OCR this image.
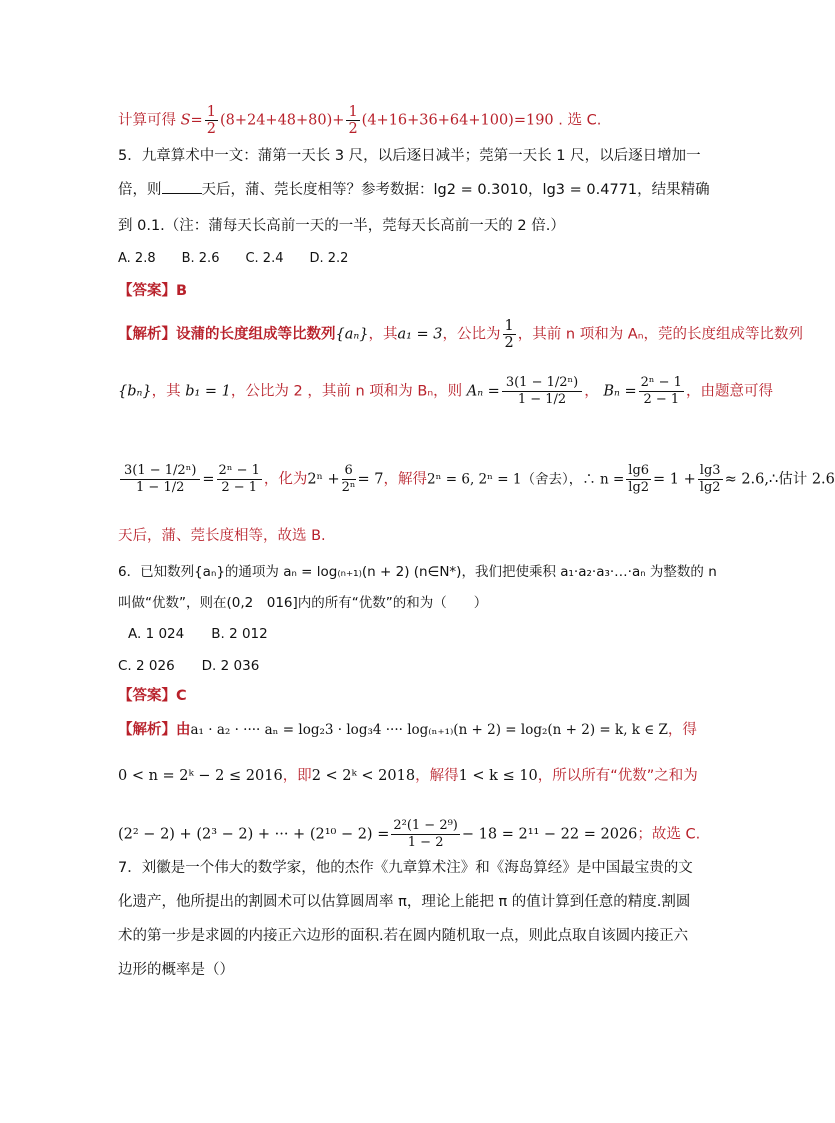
计算可得 $S= \frac{1}{2} (8+24+48+80)+ \frac{1}{2} (4+16+36+64+100)=190$ . 选 C.
5．九章算术中一文：蒲第一天长 3 尺，以后逐日减半；莞第一天长 1 尺，以后逐日增加一
倍，则	天后，蒲、莞长度相等？参考数据：lg2 = 0.3010，lg3 = 0.4771，结果精确
到 0.1.（注：蒲每天长高前一天的一半，莞每天长高前一天的 2 倍.）
A. 2.8　　B. 2.6　　C. 2.4　　D. 2.2
【答案】B
【解析】设蒲的长度组成等比数列{aₙ}，其a₁ = 3，公比为 $\frac{1}{2}$ ，其前 n 项和为 Aₙ，莞的长度组成等比数列
{bₙ}，其 b₁ = 1，公比为 2 ，其前 n 项和为 Bₙ，则 $A_n = \frac{\text{3(1 − 1/2ⁿ)}}{1 - 1/2}$ ， $B_n = \frac{\text{2ⁿ − 1}}{2 - 1}$ ，由题意可得
$\frac{\text{3(1 − 1/2ⁿ)}}{1 - 1/2} = \frac{\text{2ⁿ − 1}}{2 - 1}$ ，化为$2^n + \frac{6}{\text{2ⁿ}} = 7$，解得2ⁿ = 6, 2ⁿ = 1（舍去），∴ $n = \frac{\lg 6}{\lg 2} = 1 + \frac{\lg 3}{\lg 2}$ ≈ 2.6,∴估计 2.6
天后，蒲、莞长度相等，故选 B.
6．已知数列{aₙ}的通项为 aₙ = log₍ₙ₊₁₎(n + 2) (n∈N*)，我们把使乘积 a₁·a₂·a₃·…·aₙ 为整数的 n
叫做“优数”，则在(0,2　016]内的所有“优数”的和为（　　）
A. 1 024　　B. 2 012
C. 2 026　　D. 2 036
【答案】C
【解析】由a₁ · a₂ · ···· aₙ = log₂3 · log₃4 ···· log₍ₙ₊₁₎(n + 2) = log₂(n + 2) = k, k ∈ Z，得
0 < n = 2ᵏ − 2 ≤ 2016，即2 < 2ᵏ < 2018，解得1 < k ≤ 10，所以所有“优数”之和为
(2² − 2) + (2³ − 2) + ··· + $(2^{10} - 2) = \frac{\text{2²(1 − 2⁹)}}{1 - 2} - 18 = 2^{11} - 22 = 2026$；故选 C.
7．刘徽是一个伟大的数学家，他的杰作《九章算术注》和《海岛算经》是中国最宝贵的文
化遗产，他所提出的割圆术可以估算圆周率 π，理论上能把 π 的值计算到任意的精度.割圆
术的第一步是求圆的内接正六边形的面积.若在圆内随机取一点，则此点取自该圆内接正六
边形的概率是（）
